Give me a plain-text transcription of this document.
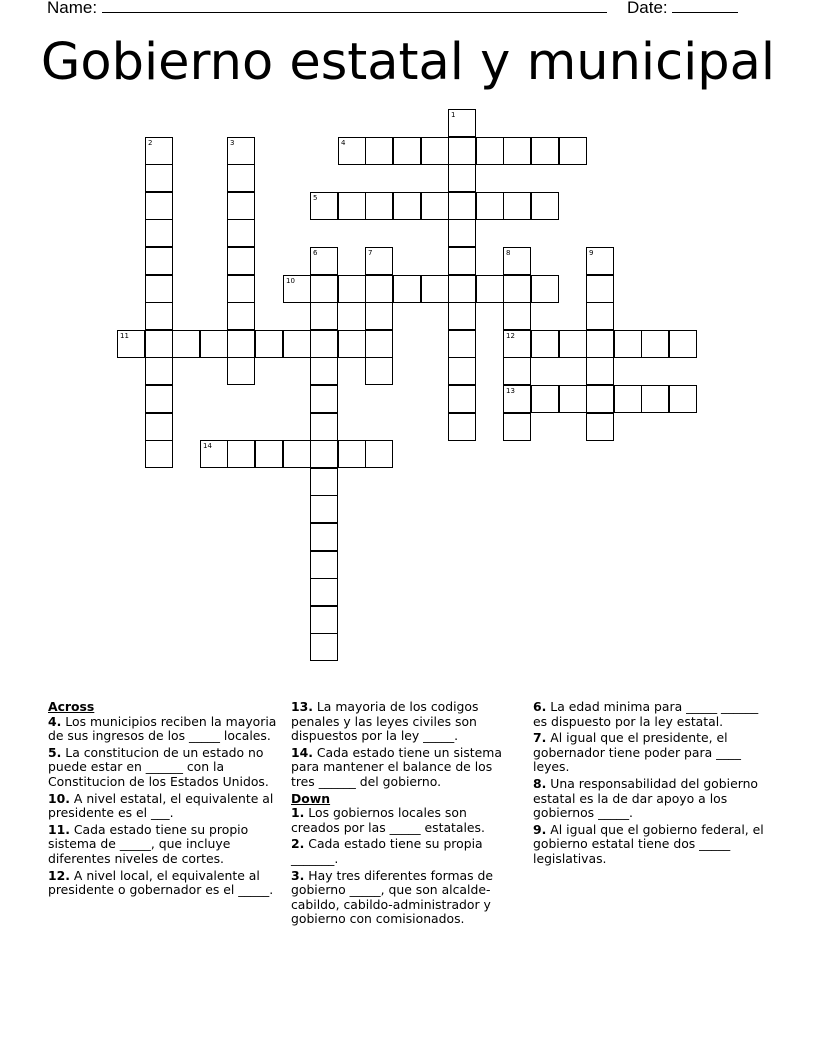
Name:	Date:
Gobierno estatal y municipal
1
2	3	4
5
6	7	8
12
13
9
10
11
14
Across
4. Los municipios reciben la mayoria de sus ingresos de los _____ locales.
5. La constitucion de un estado no puede estar en ______ con la Constitucion de los Estados Unidos.
10. A nivel estatal, el equivalente al presidente es el ___.
11. Cada estado tiene su propio sistema de _____, que incluye diferentes niveles de cortes.
12. A nivel local, el equivalente al presidente o gobernador es el _____.
13. La mayoria de los codigos penales y las leyes civiles son dispuestos por la ley _____.
14. Cada estado tiene un sistema para mantener el balance de los tres ______ del gobierno.
Down
1. Los gobiernos locales son creados por las _____ estatales.
2. Cada estado tiene su propia _______.
3. Hay tres diferentes formas de gobierno _____, que son alcalde-cabildo, cabildo-administrador y gobierno con comisionados.
6. La edad minima para _____ ______ es dispuesto por la ley estatal.
7. Al igual que el presidente, el gobernador tiene poder para ____ leyes.
8. Una responsabilidad del gobierno estatal es la de dar apoyo a los gobiernos _____.
9. Al igual que el gobierno federal, el gobierno estatal tiene dos _____ legislativas.
